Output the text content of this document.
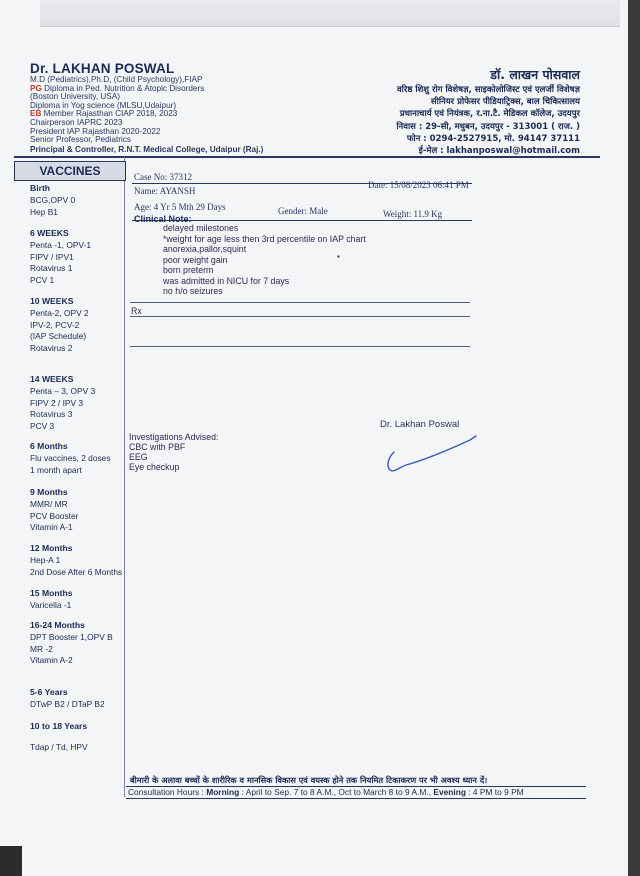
Dr. LAKHAN POSWAL
M.D (Pediatrics),Ph.D, (Child Psychology),FIAP
PG Diploma in Ped. Nutrition & Atopic Disorders
(Boston University, USA)
Diploma in Yog science (MLSU,Udaipur)
EB Member Rajasthan CIAP 2018, 2023
Chairperson IAPRC 2023
President IAP Rajasthan 2020-2022
Senior Professor, Pediatrics
Principal & Controller, R.N.T. Medical College, Udaipur (Raj.)
डॉ. लाखन पोसवाल
वरिष्ठ शिशु रोग विशेषज्ञ, साइकोलोजिस्ट एवं एलर्जी विशेषज्ञ
सीनियर प्रोफेसर पीडियाट्रिक्स, बाल चिकित्सालय
प्रधानाचार्य एवं नियंत्रक, र.ना.टै. मेडिकल कॉलेज, उदयपुर
निवास : 29-सी, मधुबन, उदयपुर - 313001 ( राज. )
फोन : 0294-2527915, मो. 94147 37111
ई-मेल : lakhanposwal@hotmail.com
VACCINES
Birth
BCG,OPV 0
Hep B1
6 WEEKS
Penta -1, OPV-1
FIPV / IPV1
Rotavirus 1
PCV 1
10 WEEKS
Penta-2, OPV 2
IPV-2, PCV-2
(IAP Schedule)
Rotavirus 2
14 WEEKS
Penta – 3, OPV 3
FIPV 2 / IPV 3
Rotavirus 3
PCV 3
6 Months
Flu vaccines, 2 doses
1 month apart
9 Months
MMR/ MR
PCV Booster
Vitamin A-1
12 Months
Hep-A 1
2nd Dose After 6 Months
15 Months
Varicella -1
16-24 Months
DPT Booster 1,OPV B
MR -2
Vitamin A-2
5-6 Years
DTwP B2 / DTaP B2
10 to 18 Years
Tdap / Td, HPV
Case No: 37312
Date: 15/08/2023 06:41 PM
Name: AYANSH
Age: 4 Yr 5 Mth 29 Days	Gender: Male	Weight: 11.9 Kg
Clinical Note:
delayed milestones
*weight for age less then 3rd percentile on IAP chart
anorexia,pallor,squint
poor weight gain
born preterm
was admitted in NICU for 7 days
no h/o seizures
▪
Rx
Dr. Lakhan Poswal
Investigations Advised:
CBC with PBF
EEG
Eye checkup
बीमारी के अलावा बच्चों के शारीरिक व मानसिक विकास एवं वयस्क होने तक नियमित टिकाकरण पर भी अवश्य ध्यान दें।
Consultation Hours : Morning : April to Sep. 7 to 8 A.M., Oct to March 8 to 9 A.M., Evening : 4 PM to 9 PM
